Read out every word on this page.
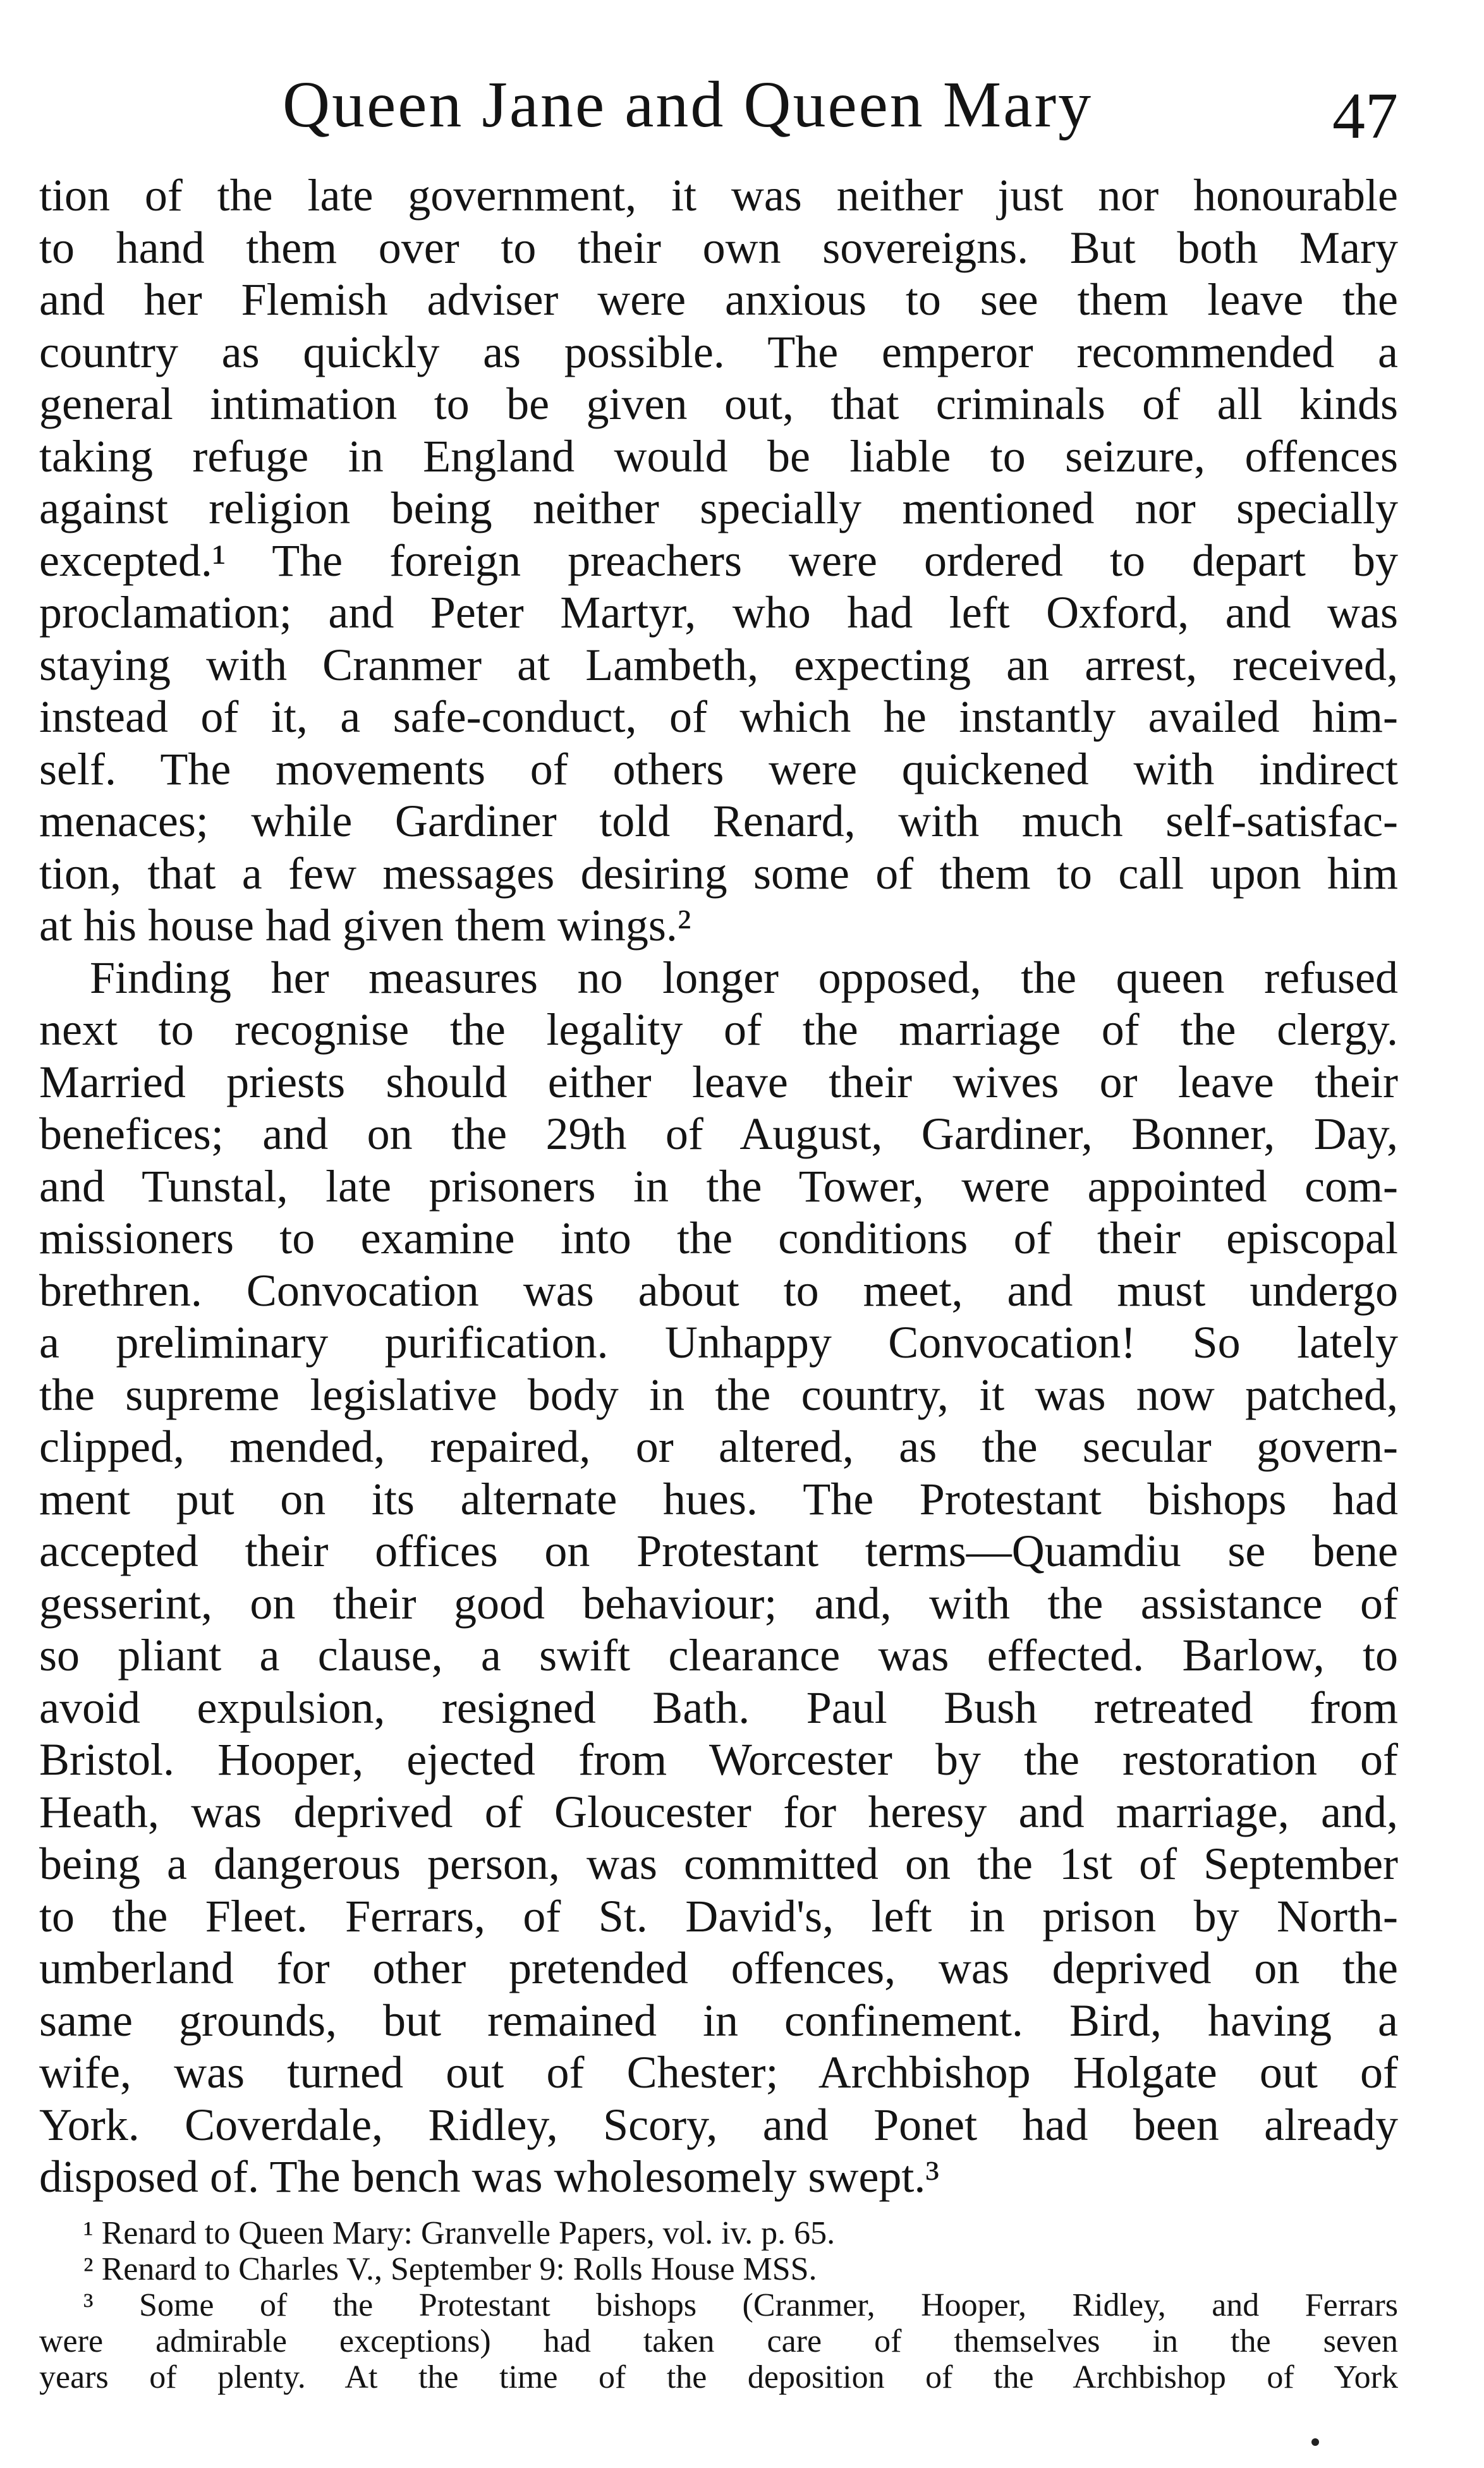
Queen Jane and Queen Mary	47
tion of the late government, it was neither just nor honourable
to hand them over to their own sovereigns. But both Mary
and her Flemish adviser were anxious to see them leave the
country as quickly as possible. The emperor recommended a
general intimation to be given out, that criminals of all kinds
taking refuge in England would be liable to seizure, offences
against religion being neither specially mentioned nor specially
excepted.¹ The foreign preachers were ordered to depart by
proclamation; and Peter Martyr, who had left Oxford, and was
staying with Cranmer at Lambeth, expecting an arrest, received,
instead of it, a safe-conduct, of which he instantly availed him-
self. The movements of others were quickened with indirect
menaces; while Gardiner told Renard, with much self-satisfac-
tion, that a few messages desiring some of them to call upon him
at his house had given them wings.²
Finding her measures no longer opposed, the queen refused
next to recognise the legality of the marriage of the clergy.
Married priests should either leave their wives or leave their
benefices; and on the 29th of August, Gardiner, Bonner, Day,
and Tunstal, late prisoners in the Tower, were appointed com-
missioners to examine into the conditions of their episcopal
brethren. Convocation was about to meet, and must undergo
a preliminary purification. Unhappy Convocation! So lately
the supreme legislative body in the country, it was now patched,
clipped, mended, repaired, or altered, as the secular govern-
ment put on its alternate hues. The Protestant bishops had
accepted their offices on Protestant terms—Quamdiu se bene
gesserint, on their good behaviour; and, with the assistance of
so pliant a clause, a swift clearance was effected. Barlow, to
avoid expulsion, resigned Bath. Paul Bush retreated from
Bristol. Hooper, ejected from Worcester by the restoration of
Heath, was deprived of Gloucester for heresy and marriage, and,
being a dangerous person, was committed on the 1st of September
to the Fleet. Ferrars, of St. David's, left in prison by North-
umberland for other pretended offences, was deprived on the
same grounds, but remained in confinement. Bird, having a
wife, was turned out of Chester; Archbishop Holgate out of
York. Coverdale, Ridley, Scory, and Ponet had been already
disposed of. The bench was wholesomely swept.³
¹ Renard to Queen Mary: Granvelle Papers, vol. iv. p. 65.
² Renard to Charles V., September 9: Rolls House MSS.
³ Some of the Protestant bishops (Cranmer, Hooper, Ridley, and Ferrars
were admirable exceptions) had taken care of themselves in the seven
years of plenty. At the time of the deposition of the Archbishop of York
